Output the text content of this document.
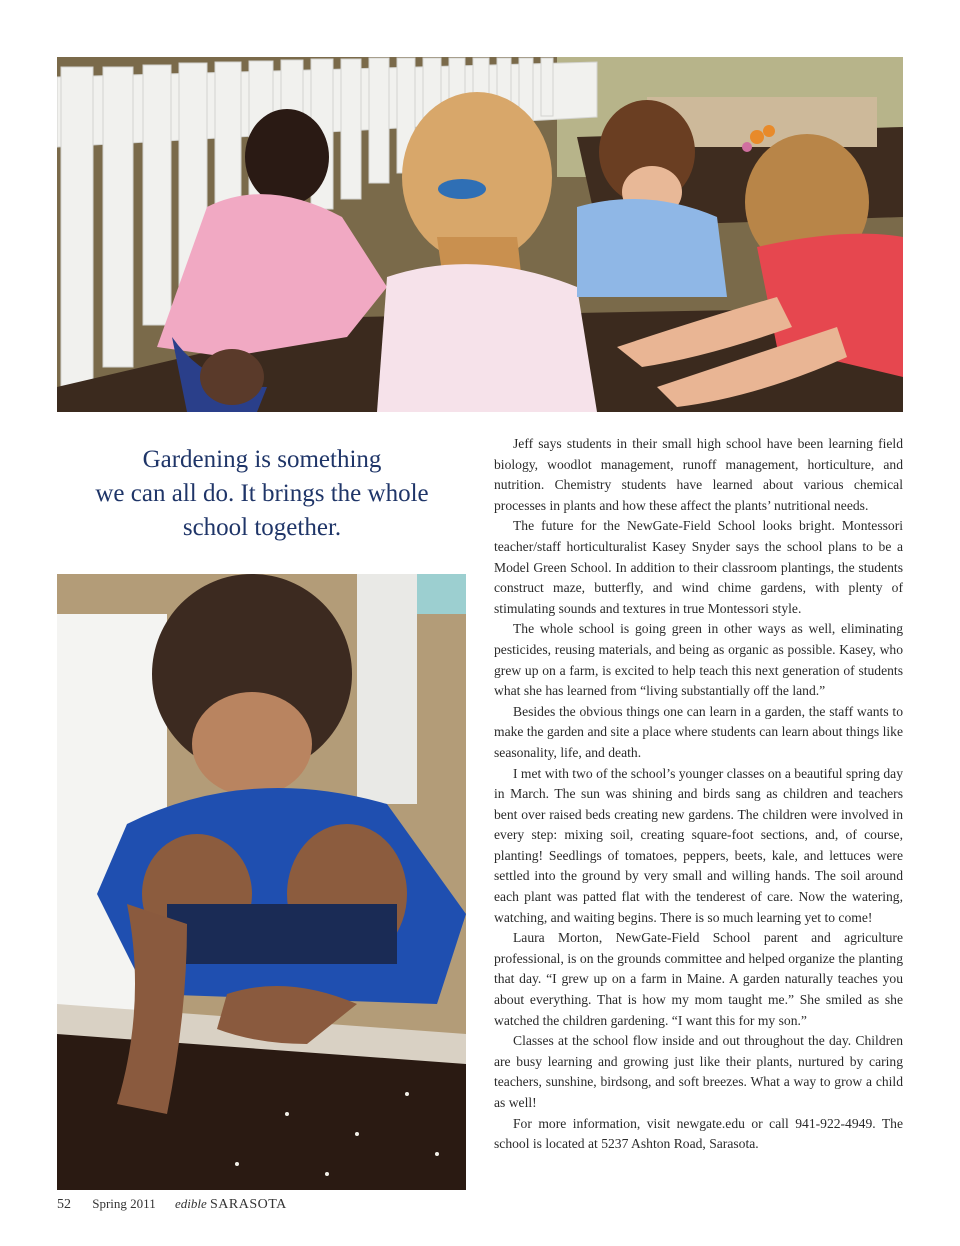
Gardening is something
we can all do. It brings the whole
school together.

Jeff says students in their small high school have been learning field biology, woodlot management, runoff management, horticulture, and nutrition. Chemistry students have learned about various chemical processes in plants and how these affect the plants’ nutritional needs.

The future for the NewGate-Field School looks bright. Montessori teacher/staff horticulturalist Kasey Snyder says the school plans to be a Model Green School. In addition to their classroom plantings, the students construct maze, butterfly, and wind chime gardens, with plenty of stimulating sounds and textures in true Montessori style.

The whole school is going green in other ways as well, eliminating pesticides, reusing materials, and being as organic as possible. Kasey, who grew up on a farm, is excited to help teach this next generation of students what she has learned from “living substantially off the land.”

Besides the obvious things one can learn in a garden, the staff wants to make the garden and site a place where students can learn about things like seasonality, life, and death.

I met with two of the school’s younger classes on a beautiful spring day in March. The sun was shining and birds sang as children and teachers bent over raised beds creating new gardens. The children were involved in every step: mixing soil, creating square-foot sections, and, of course, planting! Seedlings of tomatoes, peppers, beets, kale, and lettuces were settled into the ground by very small and willing hands. The soil around each plant was patted flat with the tenderest of care. Now the watering, watching, and waiting begins. There is so much learning yet to come!

Laura Morton, NewGate-Field School parent and agriculture professional, is on the grounds committee and helped organize the planting that day. “I grew up on a farm in Maine. A garden naturally teaches you about everything. That is how my mom taught me.” She smiled as she watched the children gardening. “I want this for my son.”

Classes at the school flow inside and out throughout the day. Children are busy learning and growing just like their plants, nurtured by caring teachers, sunshine, birdsong, and soft breezes. What a way to grow a child as well!

For more information, visit newgate.edu or call 941-922-4949. The school is located at 5237 Ashton Road, Sarasota.

52 Spring 2011 edible SARASOTA
